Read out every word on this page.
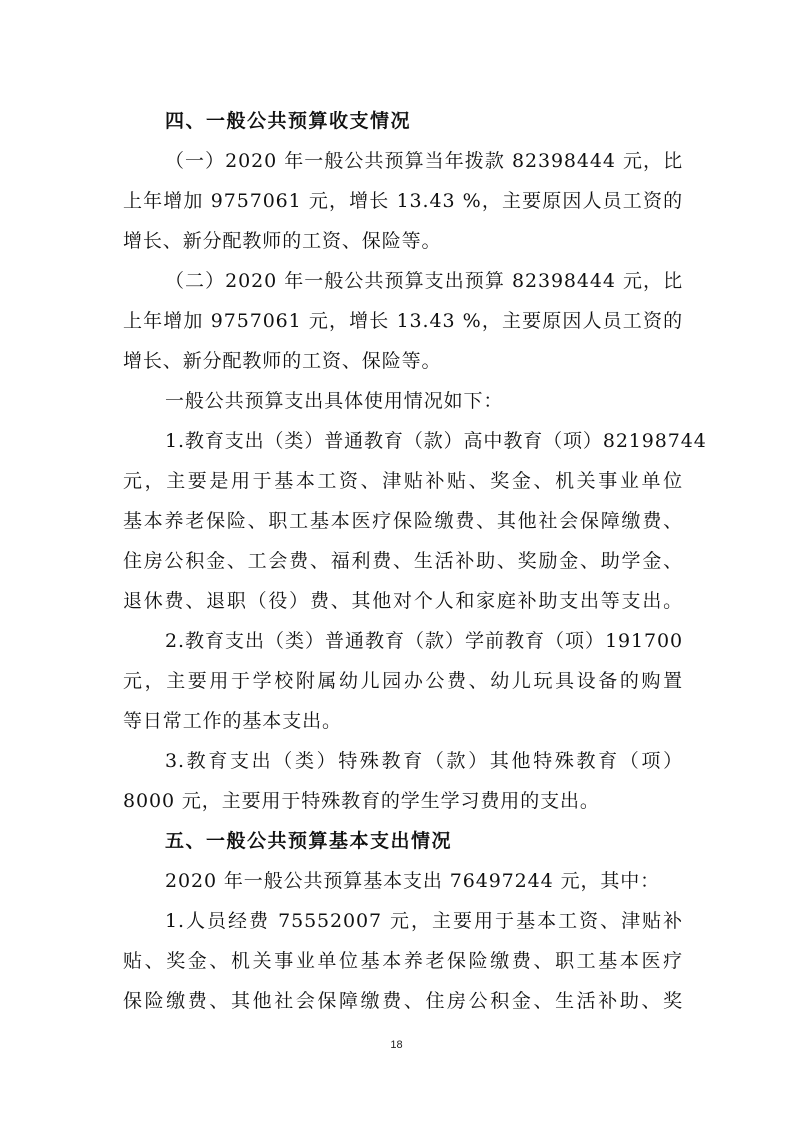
四、一般公共预算收支情况
（一）2020 年一般公共预算当年拨款 82398444 元，比
上年增加 9757061 元，增长 13.43 %，主要原因人员工资的
增长、新分配教师的工资、保险等。
（二）2020 年一般公共预算支出预算 82398444 元，比
上年增加 9757061 元，增长 13.43 %，主要原因人员工资的
增长、新分配教师的工资、保险等。
一般公共预算支出具体使用情况如下：
1.教育支出（类）普通教育（款）高中教育（项）82198744
元，主要是用于基本工资、津贴补贴、奖金、机关事业单位
基本养老保险、职工基本医疗保险缴费、其他社会保障缴费、
住房公积金、工会费、福利费、生活补助、奖励金、助学金、
退休费、退职（役）费、其他对个人和家庭补助支出等支出。
2.教育支出（类）普通教育（款）学前教育（项）191700
元，主要用于学校附属幼儿园办公费、幼儿玩具设备的购置
等日常工作的基本支出。
3.教育支出（类）特殊教育（款）其他特殊教育（项）
8000 元，主要用于特殊教育的学生学习费用的支出。
五、一般公共预算基本支出情况
2020 年一般公共预算基本支出 76497244 元，其中：
1.人员经费 75552007 元，主要用于基本工资、津贴补
贴、奖金、机关事业单位基本养老保险缴费、职工基本医疗
保险缴费、其他社会保障缴费、住房公积金、生活补助、奖
18
